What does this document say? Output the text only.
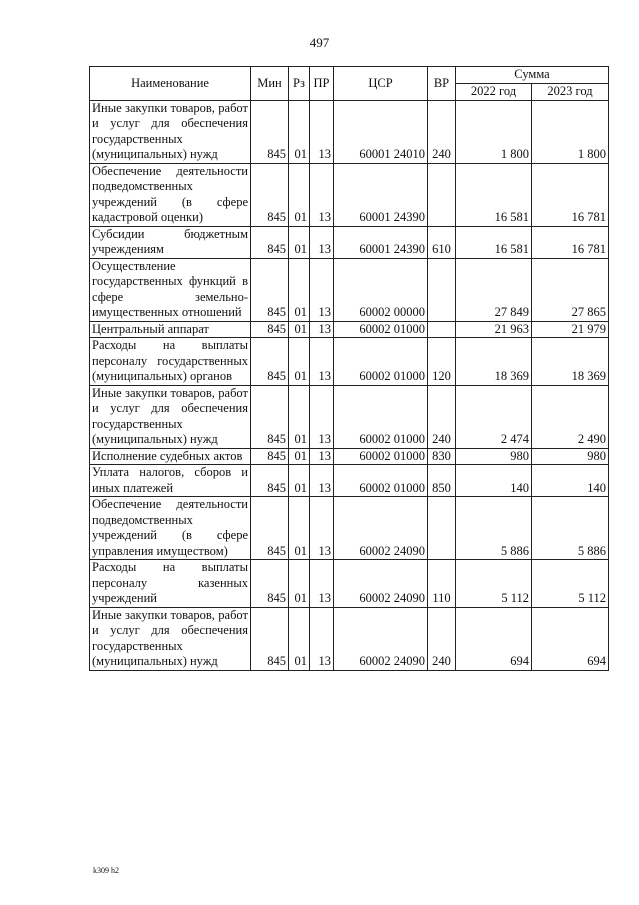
497
Наименование	Мин	Рз	ПР	ЦСР	ВР	Сумма	
						2022 год	2023 год
Иные закупки товаров, работ и услуг для обеспечения государственных (муниципальных) нужд	845	01	13	60001 24010	240	1 800	1 800
Обеспечение деятельности подведомственных учреждений (в сфере кадастровой оценки)	845	01	13	60001 24390		16 581	16 781
Субсидии бюджетным учреждениям	845	01	13	60001 24390	610	16 581	16 781
Осуществление государственных функций в сфере земельно-имущественных отношений	845	01	13	60002 00000		27 849	27 865
Центральный аппарат	845	01	13	60002 01000		21 963	21 979
Расходы на выплаты персоналу государственных (муниципальных) органов	845	01	13	60002 01000	120	18 369	18 369
Иные закупки товаров, работ и услуг для обеспечения государственных (муниципальных) нужд	845	01	13	60002 01000	240	2 474	2 490
Исполнение судебных актов	845	01	13	60002 01000	830	980	980
Уплата налогов, сборов и иных платежей	845	01	13	60002 01000	850	140	140
Обеспечение деятельности подведомственных учреждений (в сфере управления имуществом)	845	01	13	60002 24090		5 886	5 886
Расходы на выплаты персоналу казенных учреждений	845	01	13	60002 24090	110	5 112	5 112
Иные закупки товаров, работ и услуг для обеспечения государственных (муниципальных) нужд	845	01	13	60002 24090	240	694	694
k309 h2
